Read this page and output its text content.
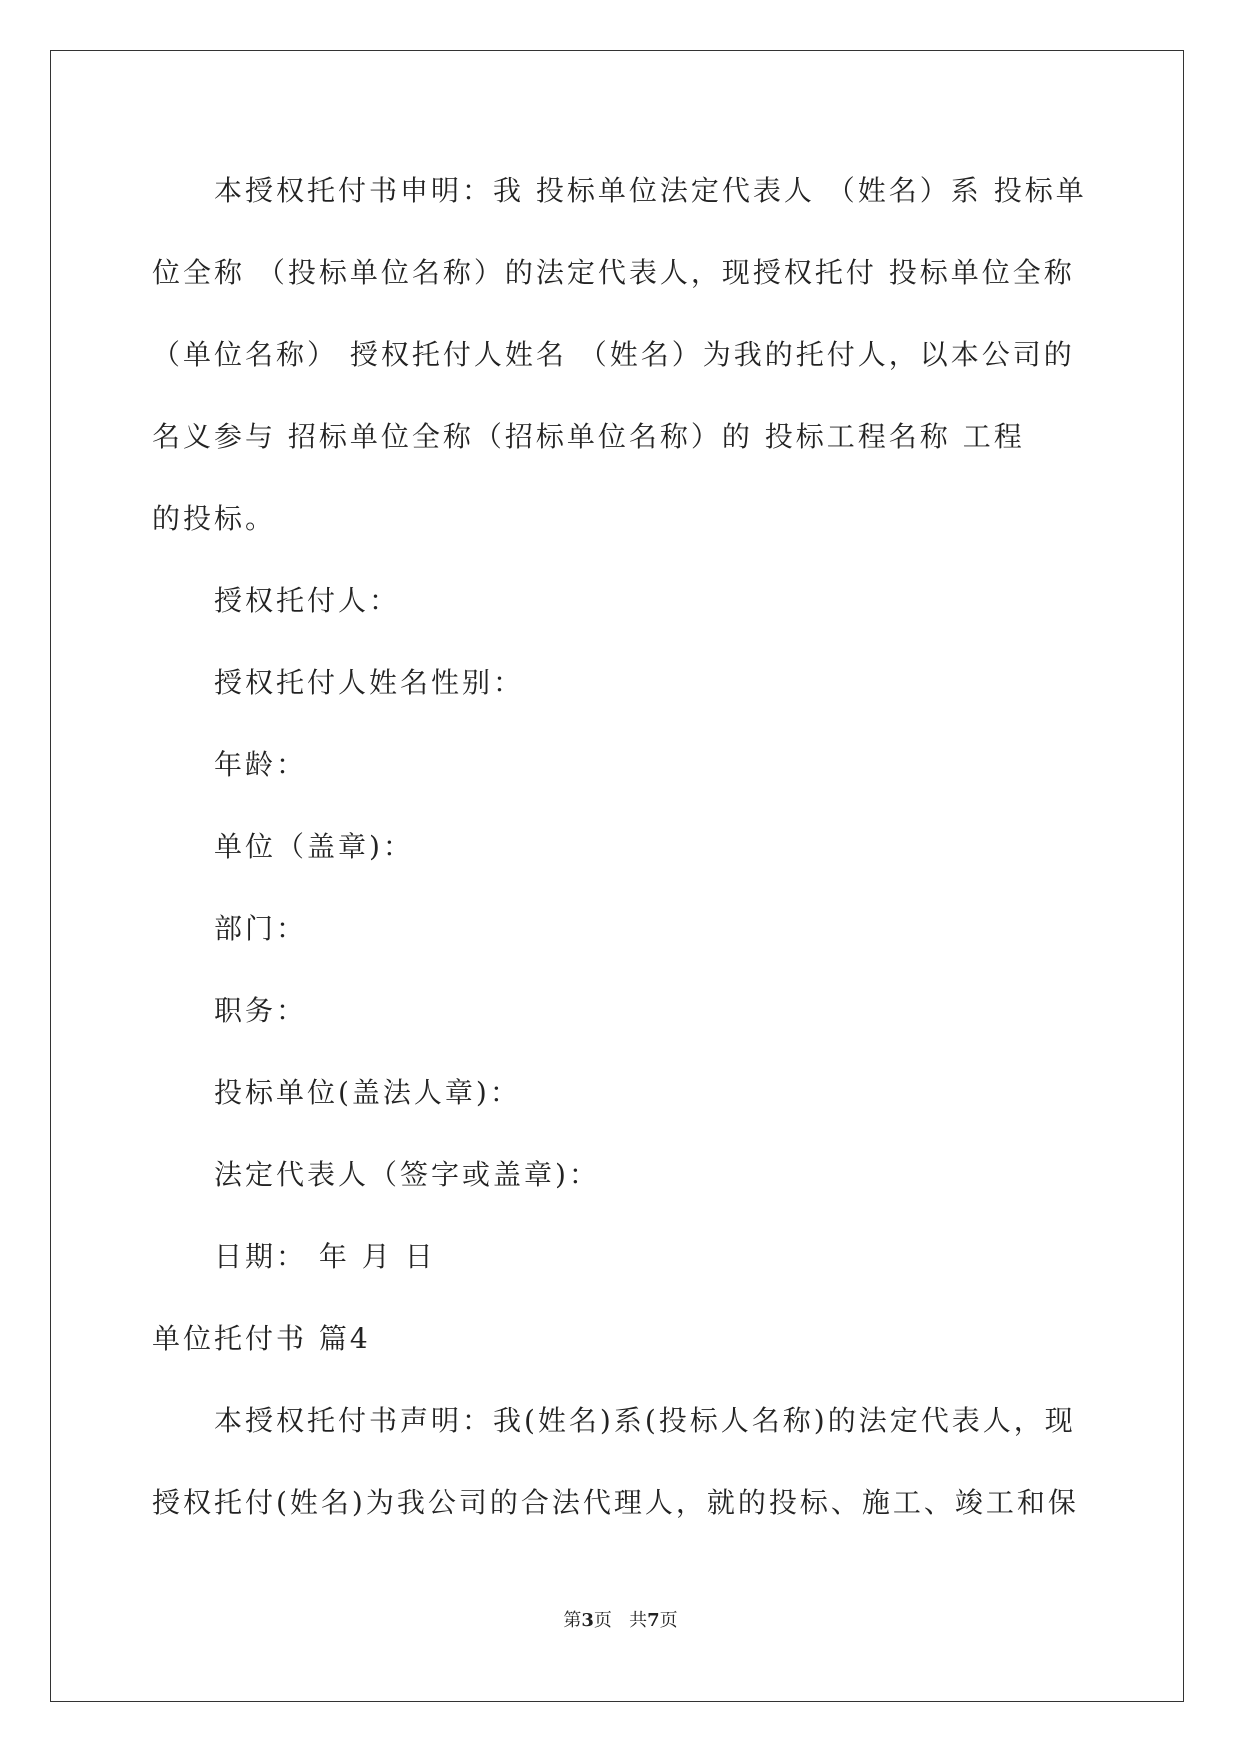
本授权托付书申明：我 投标单位法定代表人 （姓名）系 投标单
位全称 （投标单位名称）的法定代表人，现授权托付 投标单位全称
（单位名称） 授权托付人姓名 （姓名）为我的托付人，以本公司的
名义参与 招标单位全称（招标单位名称）的 投标工程名称 工程
的投标。
授权托付人：
授权托付人姓名性别：
年龄：
单位（盖章)：
部门：
职务：
投标单位(盖法人章)：
法定代表人（签字或盖章)：
日期： 年 月 日
单位托付书 篇4
本授权托付书声明：我(姓名)系(投标人名称)的法定代表人，现
授权托付(姓名)为我公司的合法代理人，就的投标、施工、竣工和保
第3页   共7页
